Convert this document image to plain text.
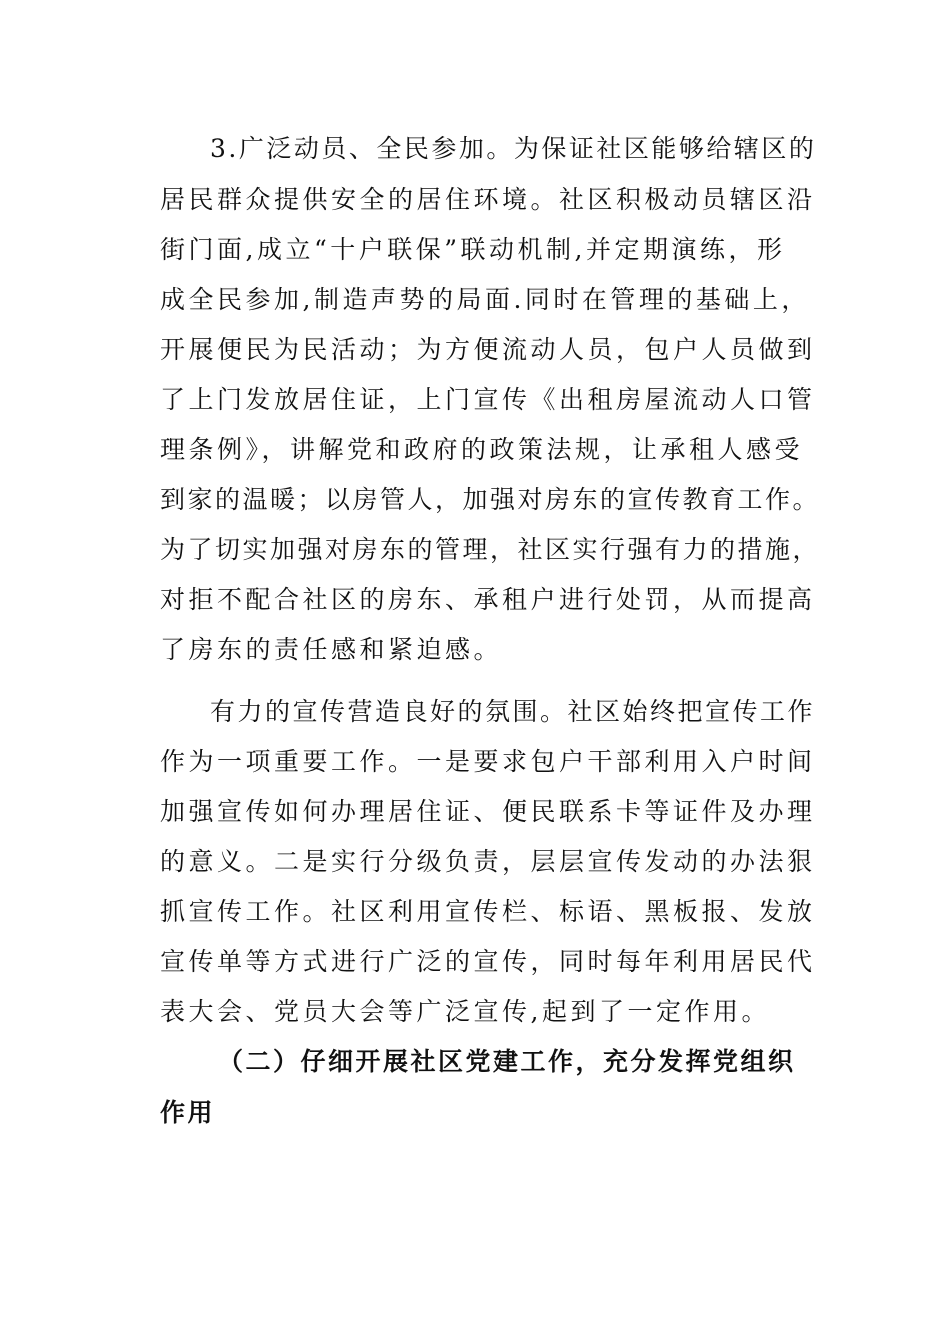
3.广泛动员、全民参加。为保证社区能够给辖区的
居民群众提供安全的居住环境。社区积极动员辖区沿
街门面,成立“十户联保”联动机制,并定期演练，形
成全民参加,制造声势的局面.同时在管理的基础上，
开展便民为民活动；为方便流动人员，包户人员做到
了上门发放居住证，上门宣传《出租房屋流动人口管
理条例》，讲解党和政府的政策法规，让承租人感受
到家的温暖；以房管人，加强对房东的宣传教育工作。
为了切实加强对房东的管理，社区实行强有力的措施，
对拒不配合社区的房东、承租户进行处罚，从而提高
了房东的责任感和紧迫感。
有力的宣传营造良好的氛围。社区始终把宣传工作
作为一项重要工作。一是要求包户干部利用入户时间
加强宣传如何办理居住证、便民联系卡等证件及办理
的意义。二是实行分级负责，层层宣传发动的办法狠
抓宣传工作。社区利用宣传栏、标语、黑板报、发放
宣传单等方式进行广泛的宣传，同时每年利用居民代
表大会、党员大会等广泛宣传,起到了一定作用。
（二）仔细开展社区党建工作，充分发挥党组织
作用
